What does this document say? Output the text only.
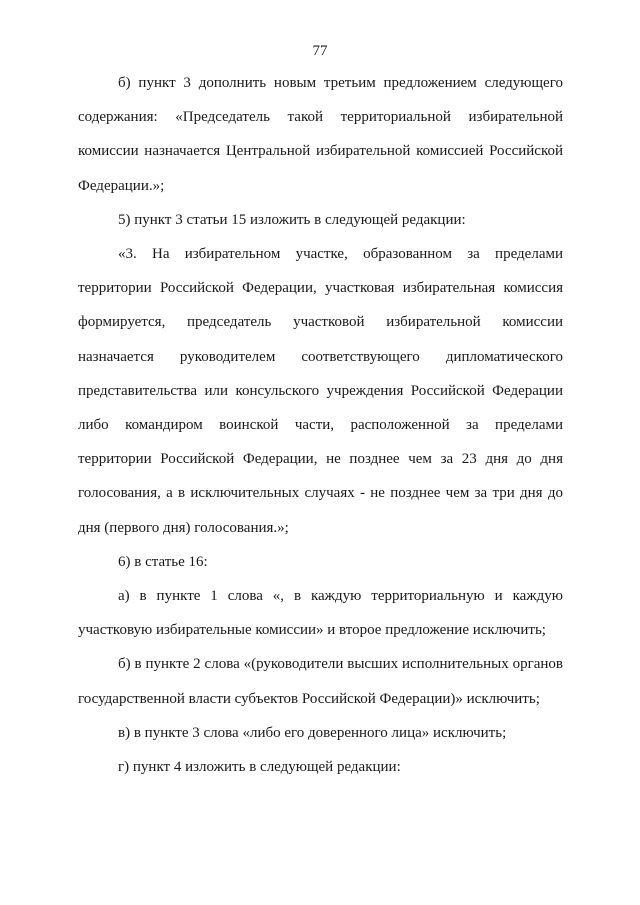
77

б) пункт 3 дополнить новым третьим предложением следующего содержания: «Председатель такой территориальной избирательной комиссии назначается Центральной избирательной комиссией Российской Федерации.»;

5) пункт 3 статьи 15 изложить в следующей редакции:

«3. На избирательном участке, образованном за пределами территории Российской Федерации, участковая избирательная комиссия формируется, председатель участковой избирательной комиссии назначается руководителем соответствующего дипломатического представительства или консульского учреждения Российской Федерации либо командиром воинской части, расположенной за пределами территории Российской Федерации, не позднее чем за 23 дня до дня голосования, а в исключительных случаях - не позднее чем за три дня до дня (первого дня) голосования.»;

6) в статье 16:

а) в пункте 1 слова «, в каждую территориальную и каждую участковую избирательные комиссии» и второе предложение исключить;

б) в пункте 2 слова «(руководители высших исполнительных органов государственной власти субъектов Российской Федерации)» исключить;

в) в пункте 3 слова «либо его доверенного лица» исключить;

г) пункт 4 изложить в следующей редакции:
